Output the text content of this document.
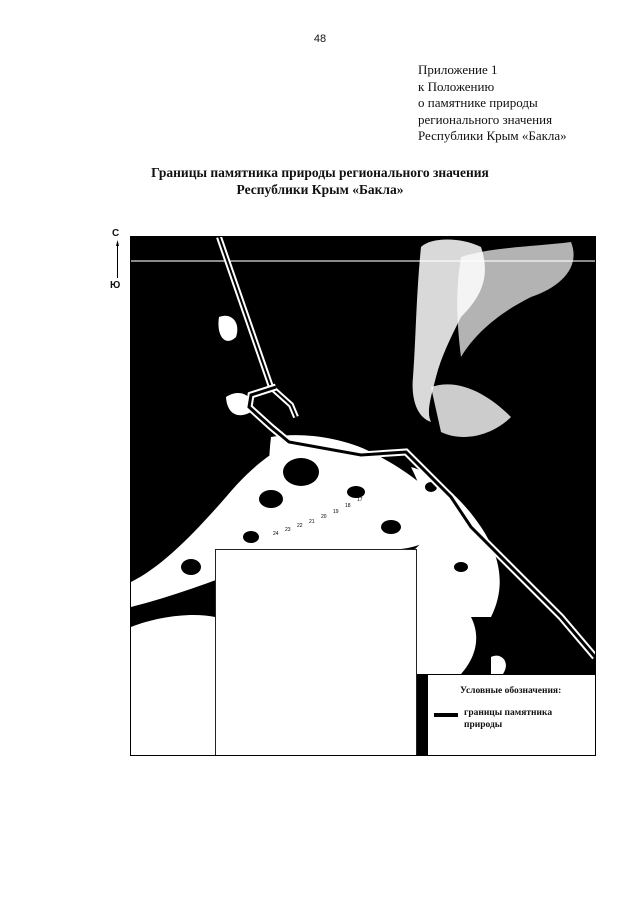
48
Приложение 1
к Положению
о памятнике природы
регионального значения
Республики Крым «Бакла»
Границы памятника природы регионального значения
Республики Крым «Бакла»
С
Ю
17
18
19
20
21
22
23
24
Условные обозначения:
границы памятника природы
